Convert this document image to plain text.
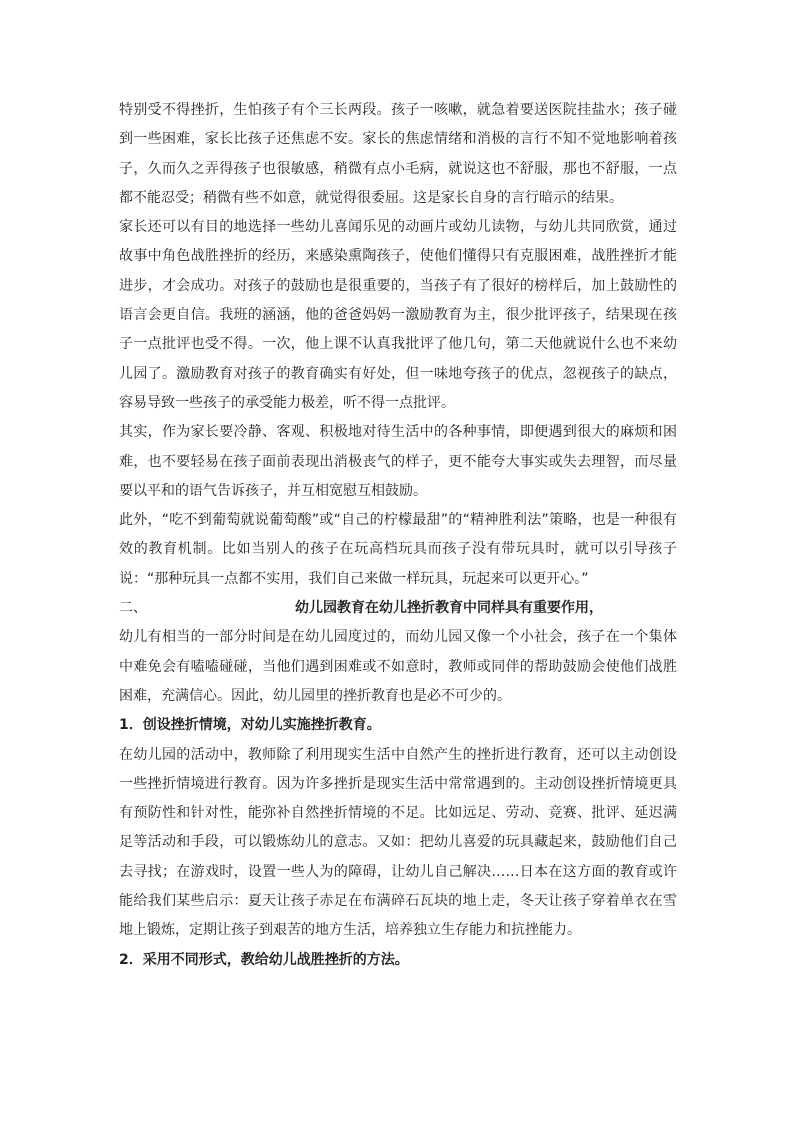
特别受不得挫折，生怕孩子有个三长两段。孩子一咳嗽，就急着要送医院挂盐水；孩子碰到一些困难，家长比孩子还焦虑不安。家长的焦虑情绪和消极的言行不知不觉地影响着孩子，久而久之弄得孩子也很敏感，稍微有点小毛病，就说这也不舒服，那也不舒服，一点都不能忍受；稍微有些不如意，就觉得很委屈。这是家长自身的言行暗示的结果。

家长还可以有目的地选择一些幼儿喜闻乐见的动画片或幼儿读物，与幼儿共同欣赏，通过故事中角色战胜挫折的经历，来感染熏陶孩子，使他们懂得只有克服困难，战胜挫折才能进步，才会成功。对孩子的鼓励也是很重要的，当孩子有了很好的榜样后，加上鼓励性的语言会更自信。我班的涵涵，他的爸爸妈妈一激励教育为主，很少批评孩子，结果现在孩子一点批评也受不得。一次，他上课不认真我批评了他几句，第二天他就说什么也不来幼儿园了。激励教育对孩子的教育确实有好处，但一味地夸孩子的优点，忽视孩子的缺点，容易导致一些孩子的承受能力极差，听不得一点批评。

其实，作为家长要冷静、客观、积极地对待生活中的各种事情，即便遇到很大的麻烦和困难，也不要轻易在孩子面前表现出消极丧气的样子，更不能夸大事实或失去理智，而尽量要以平和的语气告诉孩子，并互相宽慰互相鼓励。

此外，“吃不到葡萄就说葡萄酸”或“自己的柠檬最甜”的“精神胜利法”策略，也是一种很有效的教育机制。比如当别人的孩子在玩高档玩具而孩子没有带玩具时，就可以引导孩子说：“那种玩具一点都不实用，我们自己来做一样玩具，玩起来可以更开心。”

二、	幼儿园教育在幼儿挫折教育中同样具有重要作用，

幼儿有相当的一部分时间是在幼儿园度过的，而幼儿园又像一个小社会，孩子在一个集体中难免会有嗑嗑碰碰，当他们遇到困难或不如意时，教师或同伴的帮助鼓励会使他们战胜困难，充满信心。因此，幼儿园里的挫折教育也是必不可少的。

1．创设挫折情境，对幼儿实施挫折教育。

在幼儿园的活动中，教师除了利用现实生活中自然产生的挫折进行教育，还可以主动创设一些挫折情境进行教育。因为许多挫折是现实生活中常常遇到的。主动创设挫折情境更具有预防性和针对性，能弥补自然挫折情境的不足。比如远足、劳动、竞赛、批评、延迟满足等活动和手段，可以锻炼幼儿的意志。又如：把幼儿喜爱的玩具藏起来，鼓励他们自己去寻找；在游戏时，设置一些人为的障碍，让幼儿自己解决……日本在这方面的教育或许能给我们某些启示：夏天让孩子赤足在布满碎石瓦块的地上走，冬天让孩子穿着单衣在雪地上锻炼，定期让孩子到艰苦的地方生活，培养独立生存能力和抗挫能力。

2．采用不同形式，教给幼儿战胜挫折的方法。
